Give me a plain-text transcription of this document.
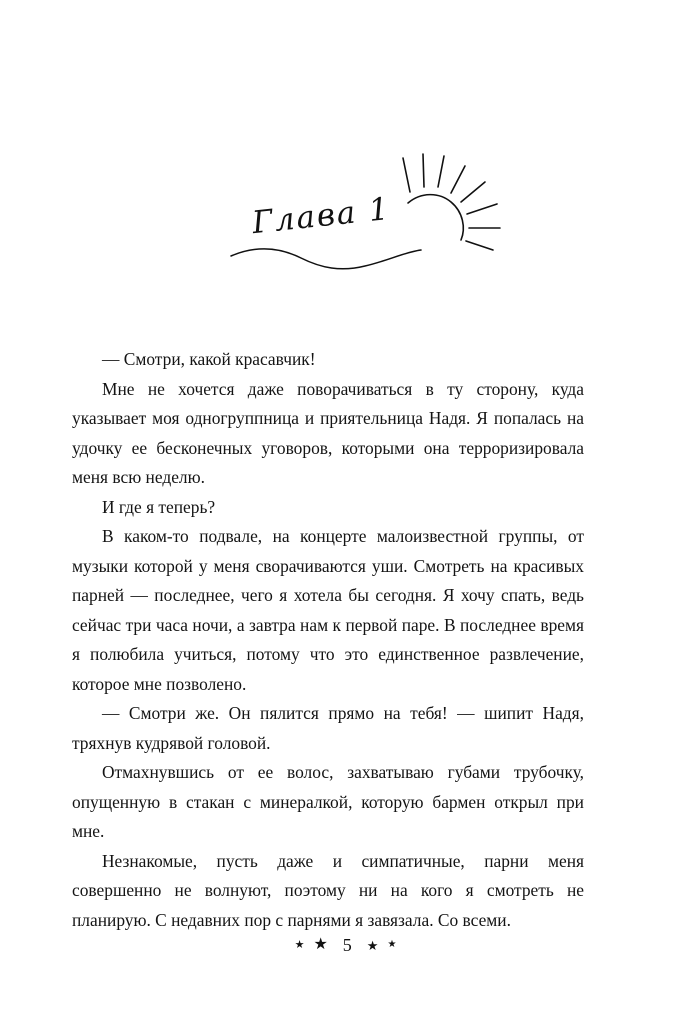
Глава 1

— Смотри, какой красавчик!

Мне не хочется даже поворачиваться в ту сторону, куда указывает моя одногруппница и приятельница Надя. Я попалась на удочку ее бесконечных уговоров, которыми она терроризировала меня всю неделю.

И где я теперь?

В каком-то подвале, на концерте малоизвестной группы, от музыки которой у меня сворачиваются уши. Смотреть на красивых парней — последнее, чего я хотела бы сегодня. Я хочу спать, ведь сейчас три часа ночи, а завтра нам к первой паре. В последнее время я полюбила учиться, потому что это единственное развлечение, которое мне позволено.

— Смотри же. Он пялится прямо на тебя! — шипит Надя, тряхнув кудрявой головой.

Отмахнувшись от ее волос, захватываю губами трубочку, опущенную в стакан с минералкой, которую бармен открыл при мне.

Незнакомые, пусть даже и симпатичные, парни меня совершенно не волнуют, поэтому ни на кого я смотреть не планирую. С недавних пор с парнями я завязала. Со всеми.

★ ★ 5	★ ★
